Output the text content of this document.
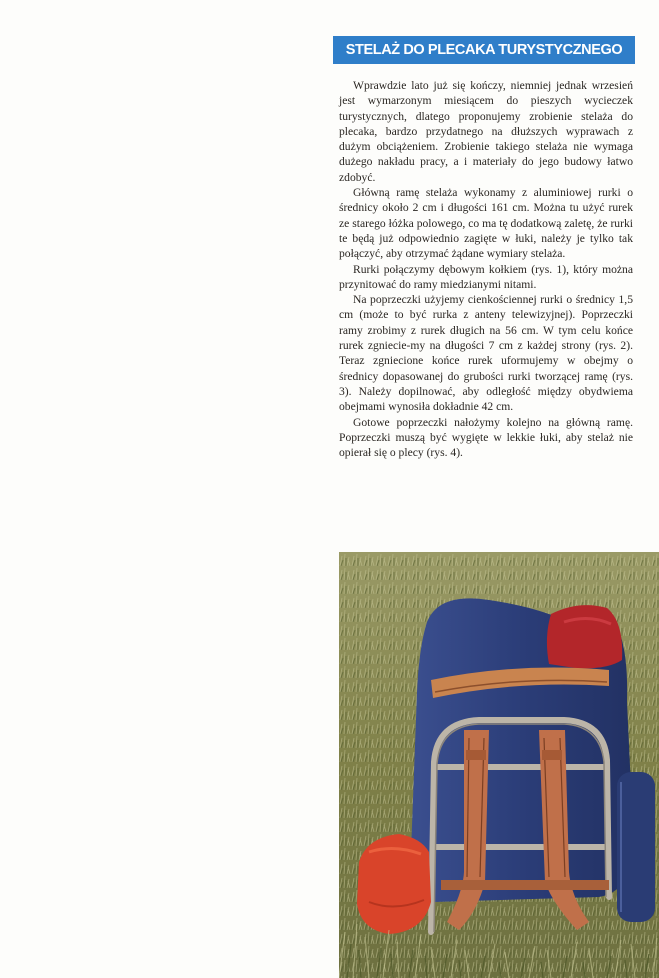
STELAŻ DO PLECAKA TURYSTYCZNEGO

Wprawdzie lato już się kończy, niemniej jednak wrzesień jest wymarzonym miesiącem do pieszych wycieczek turystycznych, dlatego proponujemy zrobienie stelaża do plecaka, bardzo przydatnego na dłuższych wyprawach z dużym obciążeniem. Zrobienie takiego stelaża nie wymaga dużego nakładu pracy, a i materiały do jego budowy łatwo zdobyć.

Główną ramę stelaża wykonamy z aluminiowej rurki o średnicy około 2 cm i długości 161 cm. Można tu użyć rurek ze starego łóżka polowego, co ma tę dodatkową zaletę, że rurki te będą już odpowiednio zagięte w łuki, należy je tylko tak połączyć, aby otrzymać żądane wymiary stelaża.

Rurki połączymy dębowym kołkiem (rys. 1), który można przynitować do ramy miedzianymi nitami.

Na poprzeczki użyjemy cienkościennej rurki o średnicy 1,5 cm (może to być rurka z anteny telewizyjnej). Poprzeczki ramy zrobimy z rurek długich na 56 cm. W tym celu końce rurek zgniecie-my na długości 7 cm z każdej strony (rys. 2). Teraz zgniecione końce rurek uformujemy w obejmy o średnicy dopasowanej do grubości rurki tworzącej ramę (rys. 3). Należy dopilnować, aby odległość między obydwiema obejmami wynosiła dokładnie 42 cm.

Gotowe poprzeczki nałożymy kolejno na główną ramę. Poprzeczki muszą być wygięte w lekkie łuki, aby stelaż nie opierał się o plecy (rys. 4).
